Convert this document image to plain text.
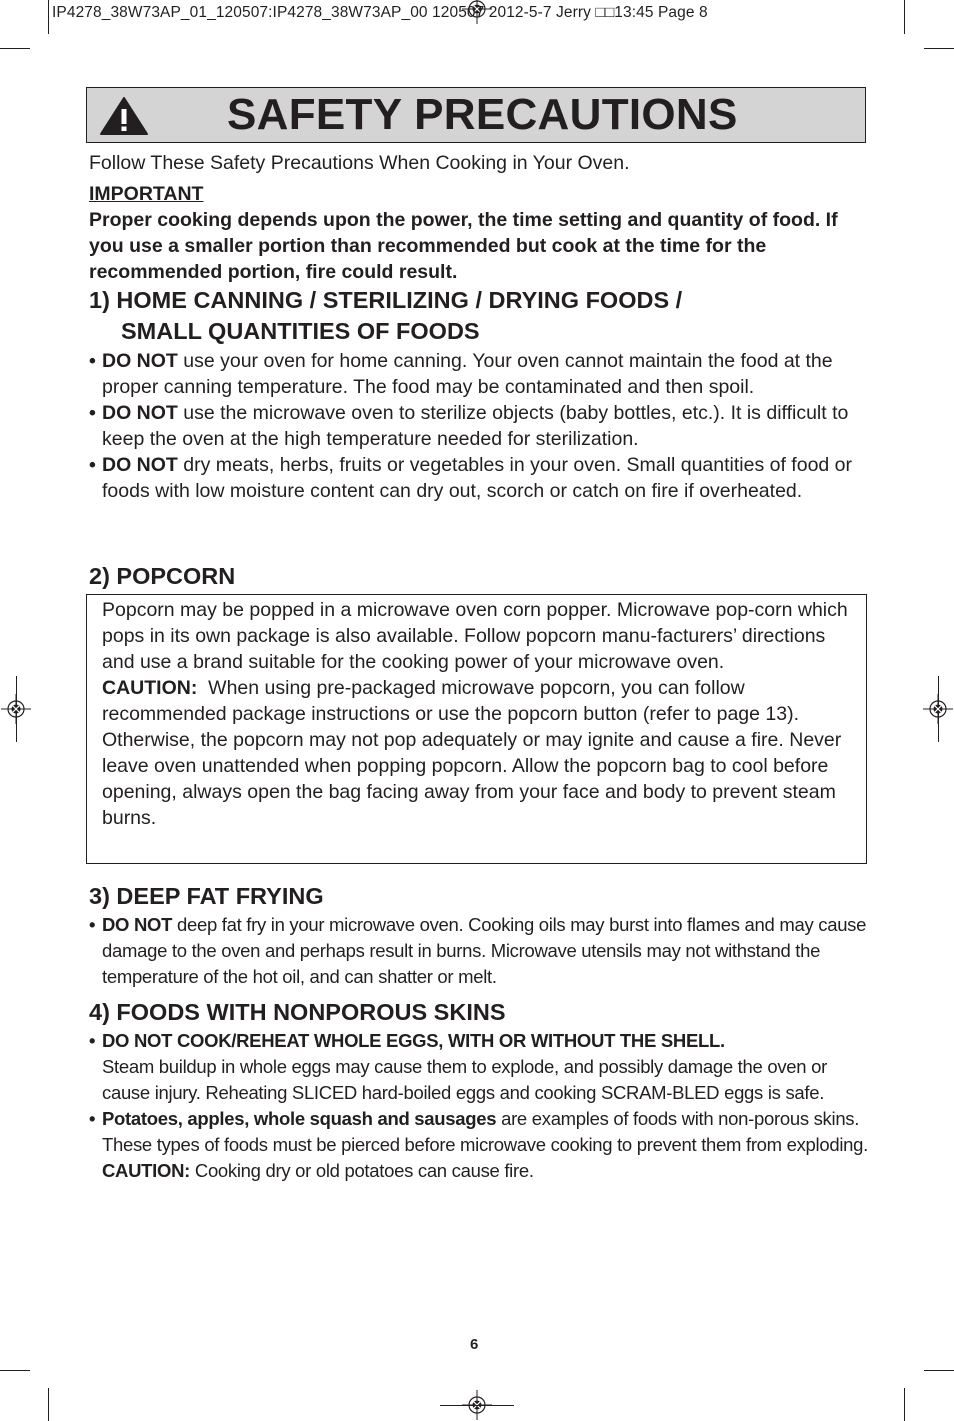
IP4278_38W73AP_01_120507:IP4278_38W73AP_00 120507 2012-5-7 Jerry □□13:45 Page 8
SAFETY PRECAUTIONS
Follow These Safety Precautions When Cooking in Your Oven.
IMPORTANT
Proper cooking depends upon the power, the time setting and quantity of food. If you use a smaller portion than recommended but cook at the time for the recommended portion, fire could result.
1) HOME CANNING / STERILIZING / DRYING FOODS /
SMALL QUANTITIES OF FOODS
• DO NOT use your oven for home canning. Your oven cannot maintain the food at the proper canning temperature. The food may be contaminated and then spoil.
• DO NOT use the microwave oven to sterilize objects (baby bottles, etc.). It is difficult to keep the oven at the high temperature needed for sterilization.
• DO NOT dry meats, herbs, fruits or vegetables in your oven. Small quantities of food or foods with low moisture content can dry out, scorch or catch on fire if overheated.
2) POPCORN
Popcorn may be popped in a microwave oven corn popper. Microwave pop-corn which pops in its own package is also available. Follow popcorn manu-facturers’ directions and use a brand suitable for the cooking power of your microwave oven.
CAUTION:  When using pre-packaged microwave popcorn, you can follow recommended package instructions or use the popcorn button (refer to page 13). Otherwise, the popcorn may not pop adequately or may ignite and cause a fire. Never leave oven unattended when popping popcorn. Allow the popcorn bag to cool before opening, always open the bag facing away from your face and body to prevent steam burns.
3) DEEP FAT FRYING
• DO NOT deep fat fry in your microwave oven. Cooking oils may burst into flames and may cause damage to the oven and perhaps result in burns. Microwave utensils may not withstand the temperature of the hot oil, and can shatter or melt.
4) FOODS WITH NONPOROUS SKINS
• DO NOT COOK/REHEAT WHOLE EGGS, WITH OR WITHOUT THE SHELL.
Steam buildup in whole eggs may cause them to explode, and possibly damage the oven or cause injury. Reheating SLICED hard-boiled eggs and cooking SCRAM-BLED eggs is safe.
• Potatoes, apples, whole squash and sausages are examples of foods with non-porous skins. These types of foods must be pierced before microwave cooking to prevent them from exploding.
CAUTION: Cooking dry or old potatoes can cause fire.
6
